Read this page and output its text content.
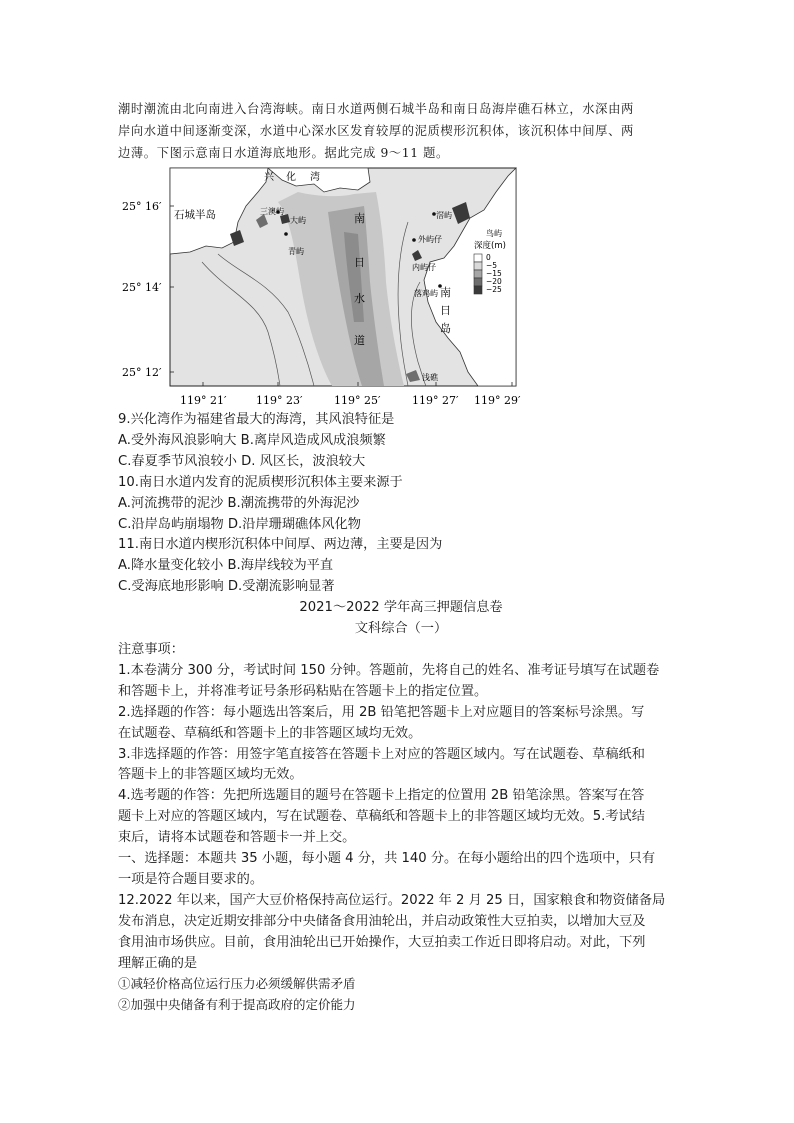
潮时潮流由北向南进入台湾海峡。南日水道两侧石城半岛和南日岛海岸礁石林立，水深由两

岸向水道中间逐渐变深，水道中心深水区发育较厚的泥质楔形沉积体，该沉积体中间厚、两

边薄。下图示意南日水道海底地形。据此完成 9～11 题。

兴 化 湾
石城半岛	三澳屿
大屿
青屿
南
日
水
道
滘屿
外屿仔
内屿仔
鸟屿
落鸡屿 南
日
岛
浅礁
深度(m)
0
−5
−15
−20
−25
25° 16′
25° 14′
25° 12′
119° 21′	119° 23′	119° 25′	119° 27′ 119° 29′

9.兴化湾作为福建省最大的海湾，其风浪特征是

A.受外海风浪影响大 B.离岸风造成风成浪频繁

C.春夏季节风浪较小 D. 风区长，波浪较大

10.南日水道内发育的泥质楔形沉积体主要来源于

A.河流携带的泥沙 B.潮流携带的外海泥沙

C.沿岸岛屿崩塌物 D.沿岸珊瑚礁体风化物

11.南日水道内楔形沉积体中间厚、两边薄，主要是因为

A.降水量变化较小 B.海岸线较为平直

C.受海底地形影响 D.受潮流影响显著

2021～2022 学年高三押题信息卷

文科综合（一）

注意事项：

1.本卷满分 300 分，考试时间 150 分钟。答题前，先将自己的姓名、准考证号填写在试题卷

和答题卡上，并将准考证号条形码粘贴在答题卡上的指定位置。

2.选择题的作答：每小题选出答案后，用 2B 铅笔把答题卡上对应题目的答案标号涂黑。写

在试题卷、草稿纸和答题卡上的非答题区域均无效。

3.非选择题的作答：用签字笔直接答在答题卡上对应的答题区域内。写在试题卷、草稿纸和

答题卡上的非答题区域均无效。

4.选考题的作答：先把所选题目的题号在答题卡上指定的位置用 2B 铅笔涂黑。答案写在答

题卡上对应的答题区域内，写在试题卷、草稿纸和答题卡上的非答题区域均无效。5.考试结

束后，请将本试题卷和答题卡一并上交。

一、选择题：本题共 35 小题，每小题 4 分，共 140 分。在每小题给出的四个选项中，只有

一项是符合题目要求的。

12.2022 年以来，国产大豆价格保持高位运行。2022 年 2 月 25 日，国家粮食和物资储备局

发布消息，决定近期安排部分中央储备食用油轮出，并启动政策性大豆拍卖，以增加大豆及

食用油市场供应。目前，食用油轮出已开始操作，大豆拍卖工作近日即将启动。对此，下列

理解正确的是

①减轻价格高位运行压力必须缓解供需矛盾

②加强中央储备有利于提高政府的定价能力
